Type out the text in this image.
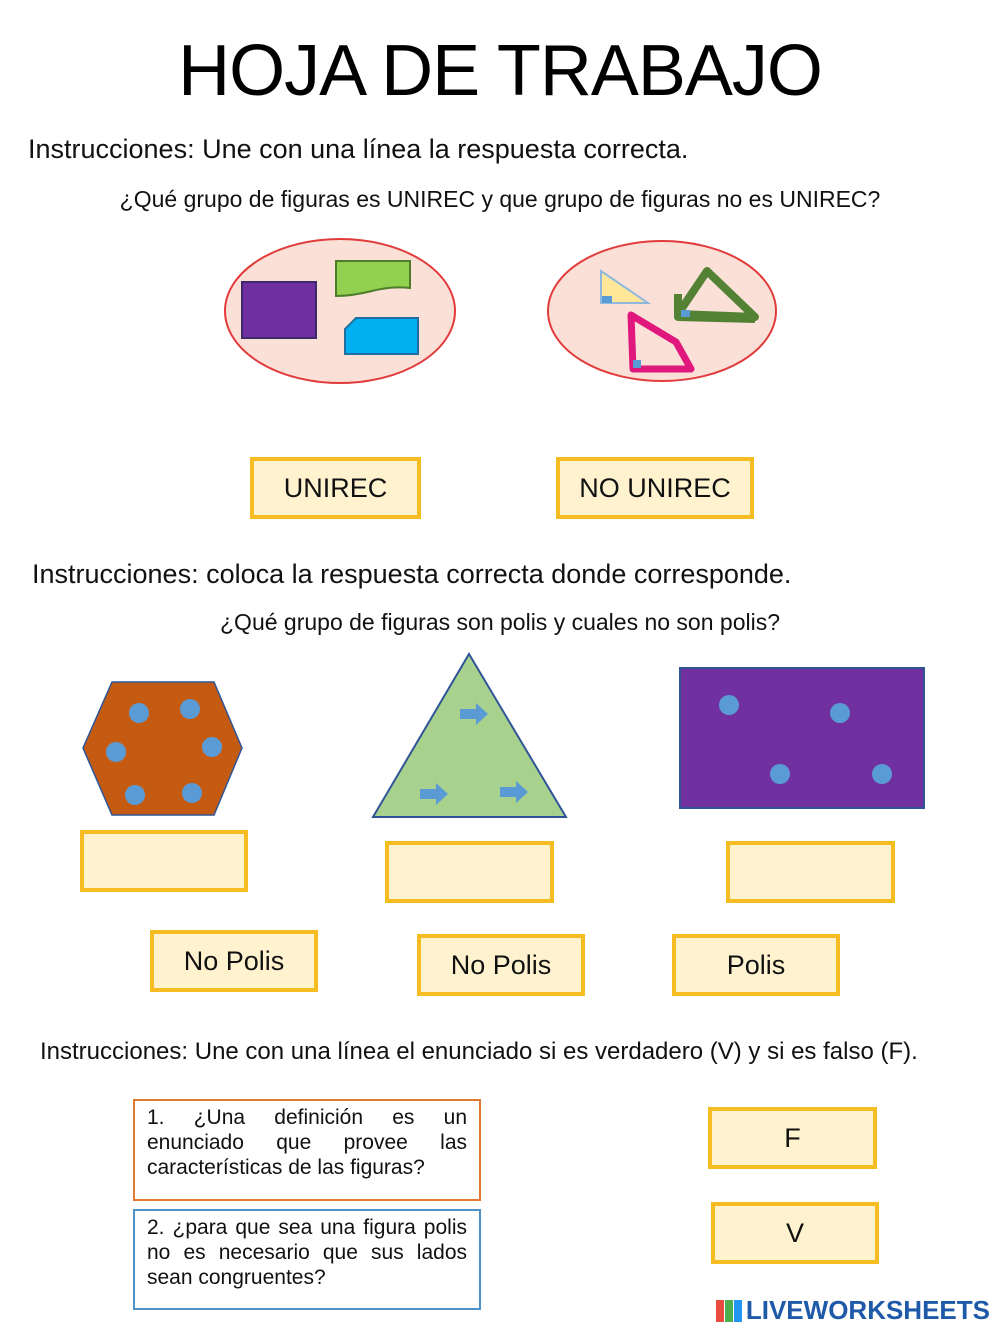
HOJA DE TRABAJO
Instrucciones: Une con una línea la respuesta correcta.
¿Qué grupo de figuras es UNIREC y que grupo de figuras no es UNIREC?
UNIREC	NO UNIREC
Instrucciones: coloca la respuesta correcta donde corresponde.
¿Qué grupo de figuras son polis y cuales no son polis?
No Polis	No Polis	Polis
Instrucciones: Une con una línea el enunciado si es verdadero (V) y si es falso (F).
1. ¿Una definición es un enunciado que provee las características de las figuras?
2. ¿para que sea una figura polis no es necesario que sus lados sean congruentes?
F
V
LIVEWORKSHEETS
